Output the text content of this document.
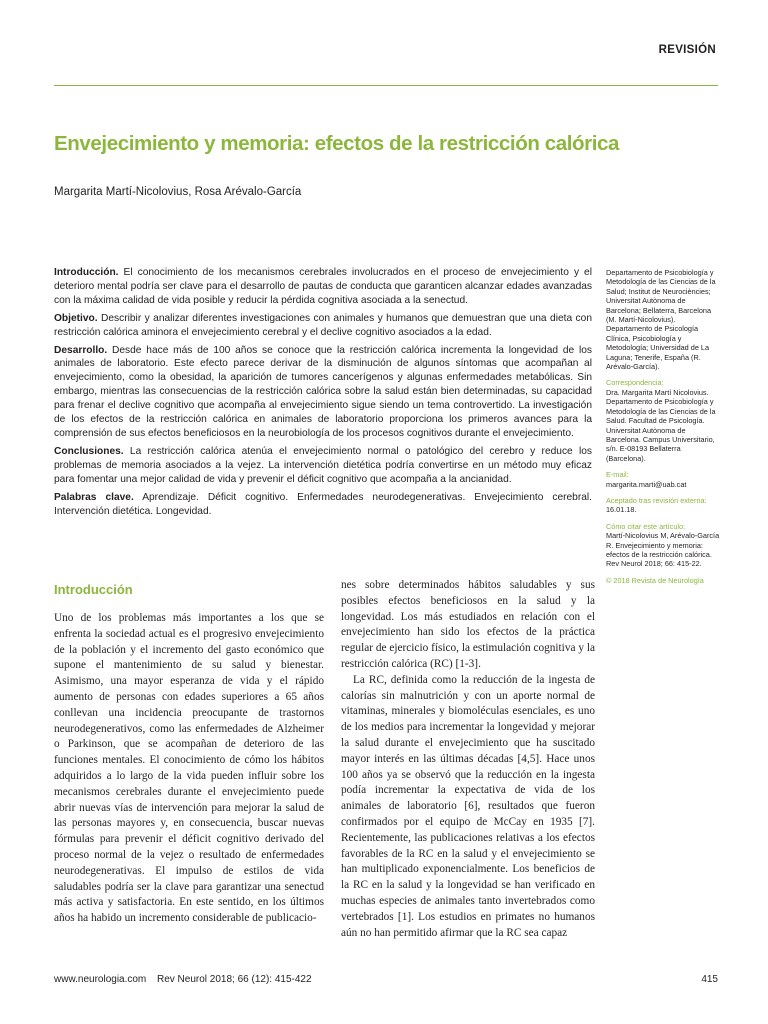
REVISIÓN
Envejecimiento y memoria: efectos de la restricción calórica

Margarita Martí-Nicolovius, Rosa Arévalo-García

Introducción. El conocimiento de los mecanismos cerebrales involucrados en el proceso de envejecimiento y el deterioro mental podría ser clave para el desarrollo de pautas de conducta que garanticen alcanzar edades avanzadas con la máxima calidad de vida posible y reducir la pérdida cognitiva asociada a la senectud.

Objetivo. Describir y analizar diferentes investigaciones con animales y humanos que demuestran que una dieta con restricción calórica aminora el envejecimiento cerebral y el declive cognitivo asociados a la edad.

Desarrollo. Desde hace más de 100 años se conoce que la restricción calórica incrementa la longevidad de los animales de laboratorio. Este efecto parece derivar de la disminución de algunos síntomas que acompañan al envejecimiento, como la obesidad, la aparición de tumores cancerígenos y algunas enfermedades metabólicas. Sin embargo, mientras las consecuencias de la restricción calórica sobre la salud están bien determinadas, su capacidad para frenar el declive cognitivo que acompaña al envejecimiento sigue siendo un tema controvertido. La investigación de los efectos de la restricción calórica en animales de laboratorio proporciona los primeros avances para la comprensión de sus efectos beneficiosos en la neurobiología de los procesos cognitivos durante el envejecimiento.

Conclusiones. La restricción calórica atenúa el envejecimiento normal o patológico del cerebro y reduce los problemas de memoria asociados a la vejez. La intervención dietética podría convertirse en un método muy eficaz para fomentar una mejor calidad de vida y prevenir el déficit cognitivo que acompaña a la ancianidad.

Palabras clave. Aprendizaje. Déficit cognitivo. Enfermedades neurodegenerativas. Envejecimiento cerebral. Intervención dietética. Longevidad.

Departamento de Psicobiología y Metodología de las Ciencias de la Salud; Institut de Neurociències; Universitat Autònoma de Barcelona; Bellaterra, Barcelona (M. Martí-Nicolovius). Departamento de Psicología Clínica, Psicobiología y Metodología; Universidad de La Laguna; Tenerife, España (R. Arévalo-García).

Correspondencia:
Dra. Margarita Martí Nicolovius. Departamento de Psicobiología y Metodología de las Ciencias de la Salud. Facultad de Psicología. Universitat Autònoma de Barcelona. Campus Universitario, s/n. E-08193 Bellaterra (Barcelona).

E-mail:
margarita.marti@uab.cat

Aceptado tras revisión externa:
16.01.18.

Cómo citar este artículo:
Martí-Nicolovius M, Arévalo-García R. Envejecimiento y memoria: efectos de la restricción calórica. Rev Neurol 2018; 66: 415-22.

© 2018 Revista de Neurología

Introducción

Uno de los problemas más importantes a los que se enfrenta la sociedad actual es el progresivo envejecimiento de la población y el incremento del gasto económico que supone el mantenimiento de su salud y bienestar. Asimismo, una mayor esperanza de vida y el rápido aumento de personas con edades superiores a 65 años conllevan una incidencia preocupante de trastornos neurodegenerativos, como las enfermedades de Alzheimer o Parkinson, que se acompañan de deterioro de las funciones mentales. El conocimiento de cómo los hábitos adquiridos a lo largo de la vida pueden influir sobre los mecanismos cerebrales durante el envejecimiento puede abrir nuevas vías de intervención para mejorar la salud de las personas mayores y, en consecuencia, buscar nuevas fórmulas para prevenir el déficit cognitivo derivado del proceso normal de la vejez o resultado de enfermedades neurodegenerativas. El impulso de estilos de vida saludables podría ser la clave para garantizar una senectud más activa y satisfactoria. En este sentido, en los últimos años ha habido un incremento considerable de publicacio-

nes sobre determinados hábitos saludables y sus posibles efectos beneficiosos en la salud y la longevidad. Los más estudiados en relación con el envejecimiento han sido los efectos de la práctica regular de ejercicio físico, la estimulación cognitiva y la restricción calórica (RC) [1-3].

La RC, definida como la reducción de la ingesta de calorías sin malnutrición y con un aporte normal de vitaminas, minerales y biomoléculas esenciales, es uno de los medios para incrementar la longevidad y mejorar la salud durante el envejecimiento que ha suscitado mayor interés en las últimas décadas [4,5]. Hace unos 100 años ya se observó que la reducción en la ingesta podía incrementar la expectativa de vida de los animales de laboratorio [6], resultados que fueron confirmados por el equipo de McCay en 1935 [7]. Recientemente, las publicaciones relativas a los efectos favorables de la RC en la salud y el envejecimiento se han multiplicado exponencialmente. Los beneficios de la RC en la salud y la longevidad se han verificado en muchas especies de animales tanto invertebrados como vertebrados [1]. Los estudios en primates no humanos aún no han permitido afirmar que la RC sea capaz

www.neurologia.com Rev Neurol 2018; 66 (12): 415-422	415
